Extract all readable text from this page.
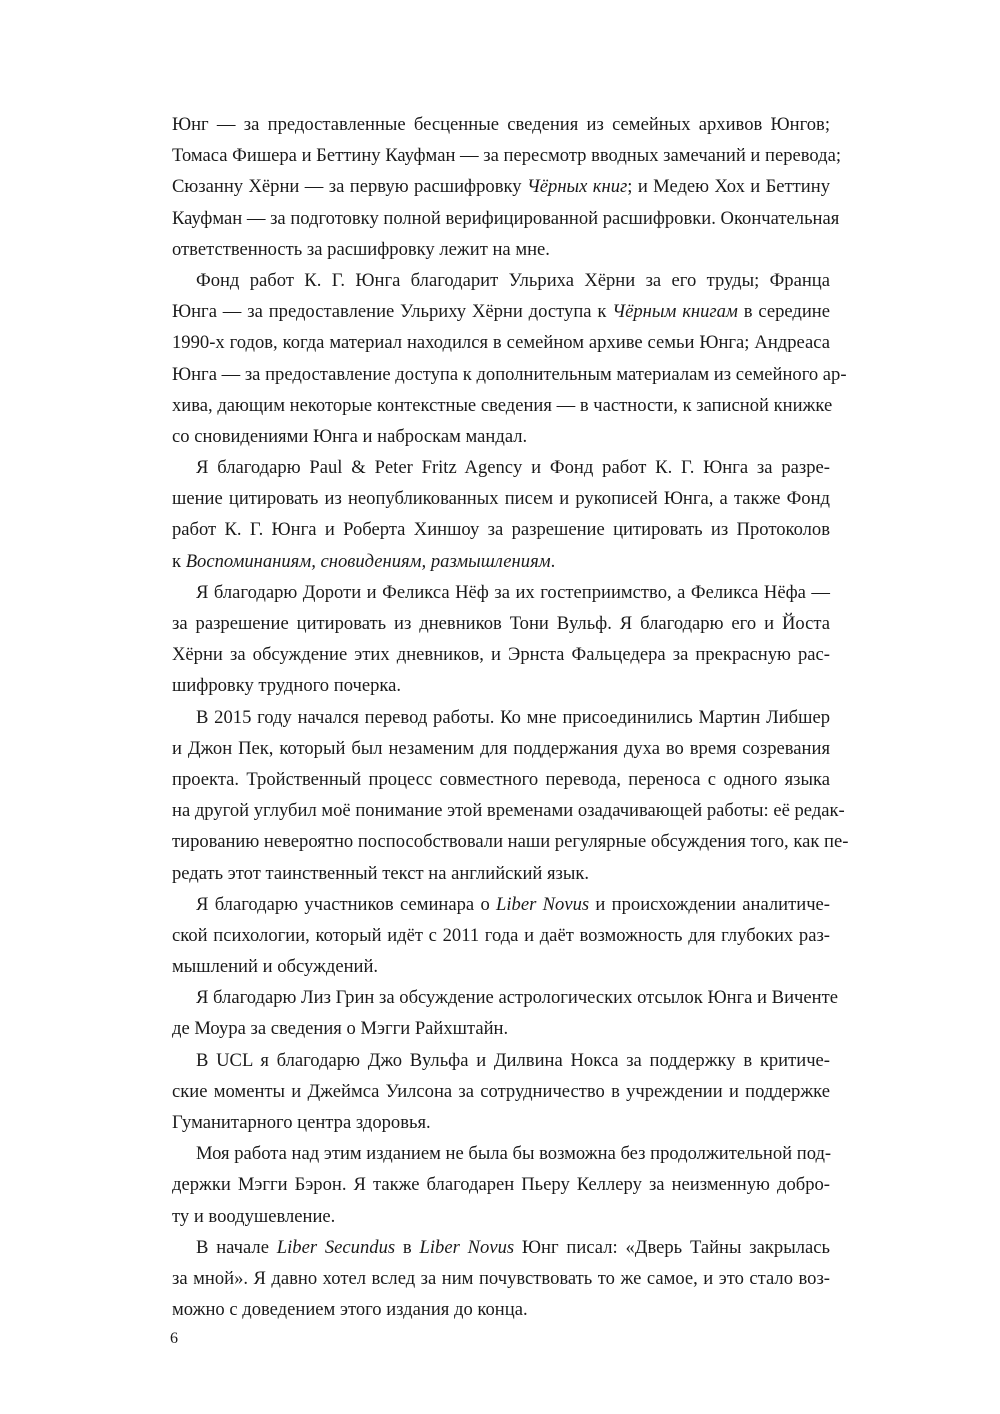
Юнг — за предоставленные бесценные сведения из семейных архивов Юнгов;
Томаса Фишера и Беттину Кауфман — за пересмотр вводных замечаний и перевода;
Сюзанну Хёрни — за первую расшифровку Чёрных книг; и Медею Хох и Беттину
Кауфман — за подготовку полной верифицированной расшифровки. Окончательная
ответственность за расшифровку лежит на мне.
Фонд работ К. Г. Юнга благодарит Ульриха Хёрни за его труды; Франца
Юнга — за предоставление Ульриху Хёрни доступа к Чёрным книгам в середине
1990-х годов, когда материал находился в семейном архиве семьи Юнга; Андреаса
Юнга — за предоставление доступа к дополнительным материалам из семейного ар-
хива, дающим некоторые контекстные сведения — в частности, к записной книжке
со сновидениями Юнга и наброскам мандал.
Я благодарю Paul & Peter Fritz Agency и Фонд работ К. Г. Юнга за разре-
шение цитировать из неопубликованных писем и рукописей Юнга, а также Фонд
работ К. Г. Юнга и Роберта Хиншоу за разрешение цитировать из Протоколов
к Воспоминаниям, сновидениям, размышлениям.
Я благодарю Дороти и Феликса Нёф за их гостеприимство, а Феликса Нёфа —
за разрешение цитировать из дневников Тони Вульф. Я благодарю его и Йоста
Хёрни за обсуждение этих дневников, и Эрнста Фальцедера за прекрасную рас-
шифровку трудного почерка.
В 2015 году начался перевод работы. Ко мне присоединились Мартин Либшер
и Джон Пек, который был незаменим для поддержания духа во время созревания
проекта. Тройственный процесс совместного перевода, переноса с одного языка
на другой углубил моё понимание этой временами озадачивающей работы: её редак-
тированию невероятно поспособствовали наши регулярные обсуждения того, как пе-
редать этот таинственный текст на английский язык.
Я благодарю участников семинара о Liber Novus и происхождении аналитиче-
ской психологии, который идёт с 2011 года и даёт возможность для глубоких раз-
мышлений и обсуждений.
Я благодарю Лиз Грин за обсуждение астрологических отсылок Юнга и Виченте
де Моура за сведения о Мэгги Райхштайн.
В UCL я благодарю Джо Вульфа и Дилвина Нокса за поддержку в критиче-
ские моменты и Джеймса Уилсона за сотрудничество в учреждении и поддержке
Гуманитарного центра здоровья.
Моя работа над этим изданием не была бы возможна без продолжительной под-
держки Мэгги Бэрон. Я также благодарен Пьеру Келлеру за неизменную добро-
ту и воодушевление.
В начале Liber Secundus в Liber Novus Юнг писал: «Дверь Тайны закрылась
за мной». Я давно хотел вслед за ним почувствовать то же самое, и это стало воз-
можно с доведением этого издания до конца.
6
